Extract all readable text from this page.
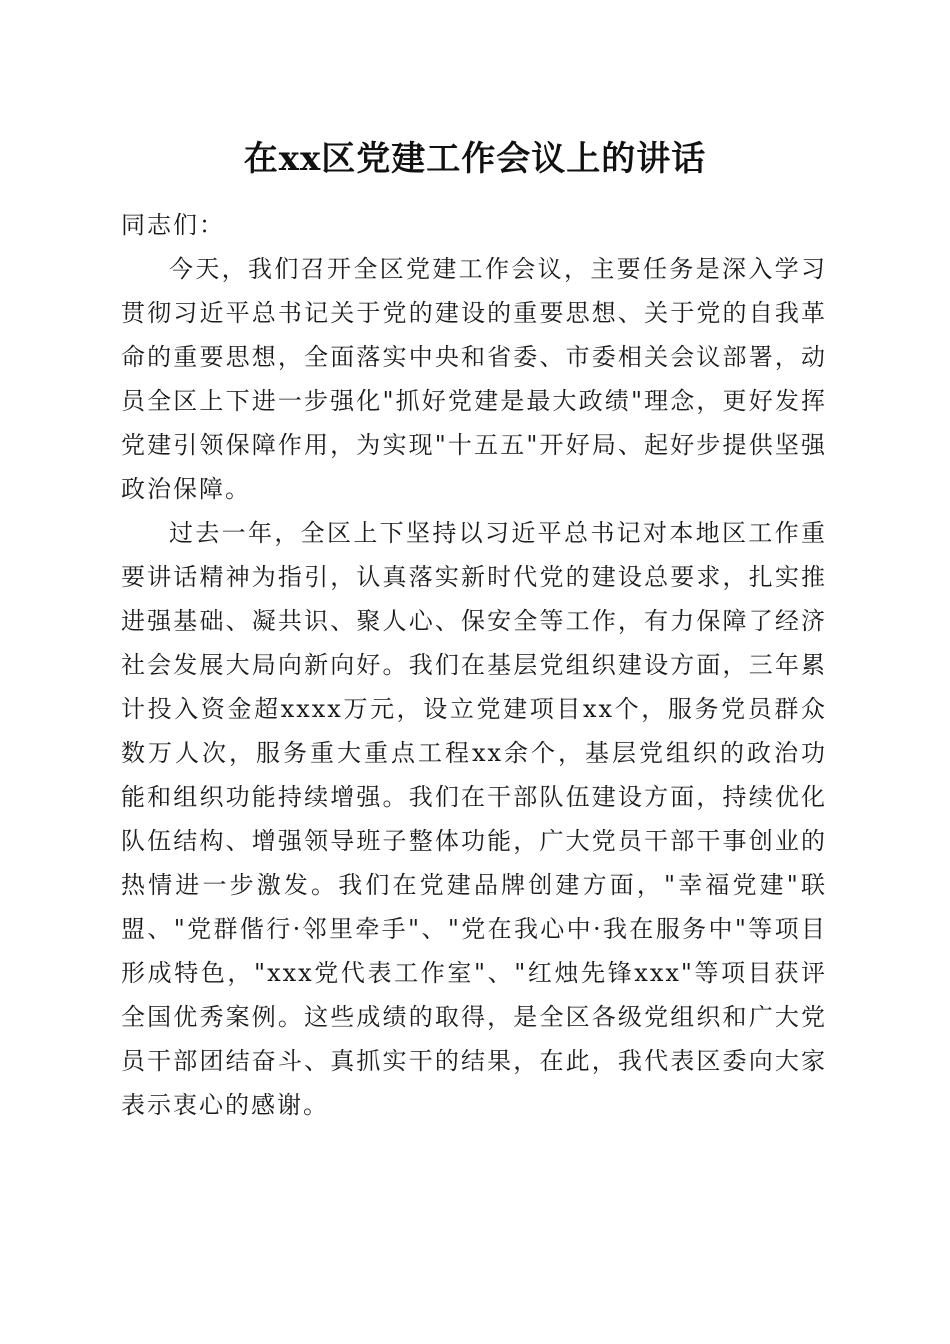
在xx区党建工作会议上的讲话

同志们：

今天，我们召开全区党建工作会议，主要任务是深入学习贯彻习近平总书记关于党的建设的重要思想、关于党的自我革命的重要思想，全面落实中央和省委、市委相关会议部署，动员全区上下进一步强化"抓好党建是最大政绩"理念，更好发挥党建引领保障作用，为实现"十五五"开好局、起好步提供坚强政治保障。

过去一年，全区上下坚持以习近平总书记对本地区工作重要讲话精神为指引，认真落实新时代党的建设总要求，扎实推进强基础、凝共识、聚人心、保安全等工作，有力保障了经济社会发展大局向新向好。我们在基层党组织建设方面，三年累计投入资金超xxxx万元，设立党建项目xx个，服务党员群众数万人次，服务重大重点工程xx余个，基层党组织的政治功能和组织功能持续增强。我们在干部队伍建设方面，持续优化队伍结构、增强领导班子整体功能，广大党员干部干事创业的热情进一步激发。我们在党建品牌创建方面，"幸福党建"联盟、"党群偕行·邻里牵手"、"党在我心中·我在服务中"等项目形成特色，"xxx党代表工作室"、"红烛先锋xxx"等项目获评全国优秀案例。这些成绩的取得，是全区各级党组织和广大党员干部团结奋斗、真抓实干的结果，在此，我代表区委向大家表示衷心的感谢。
